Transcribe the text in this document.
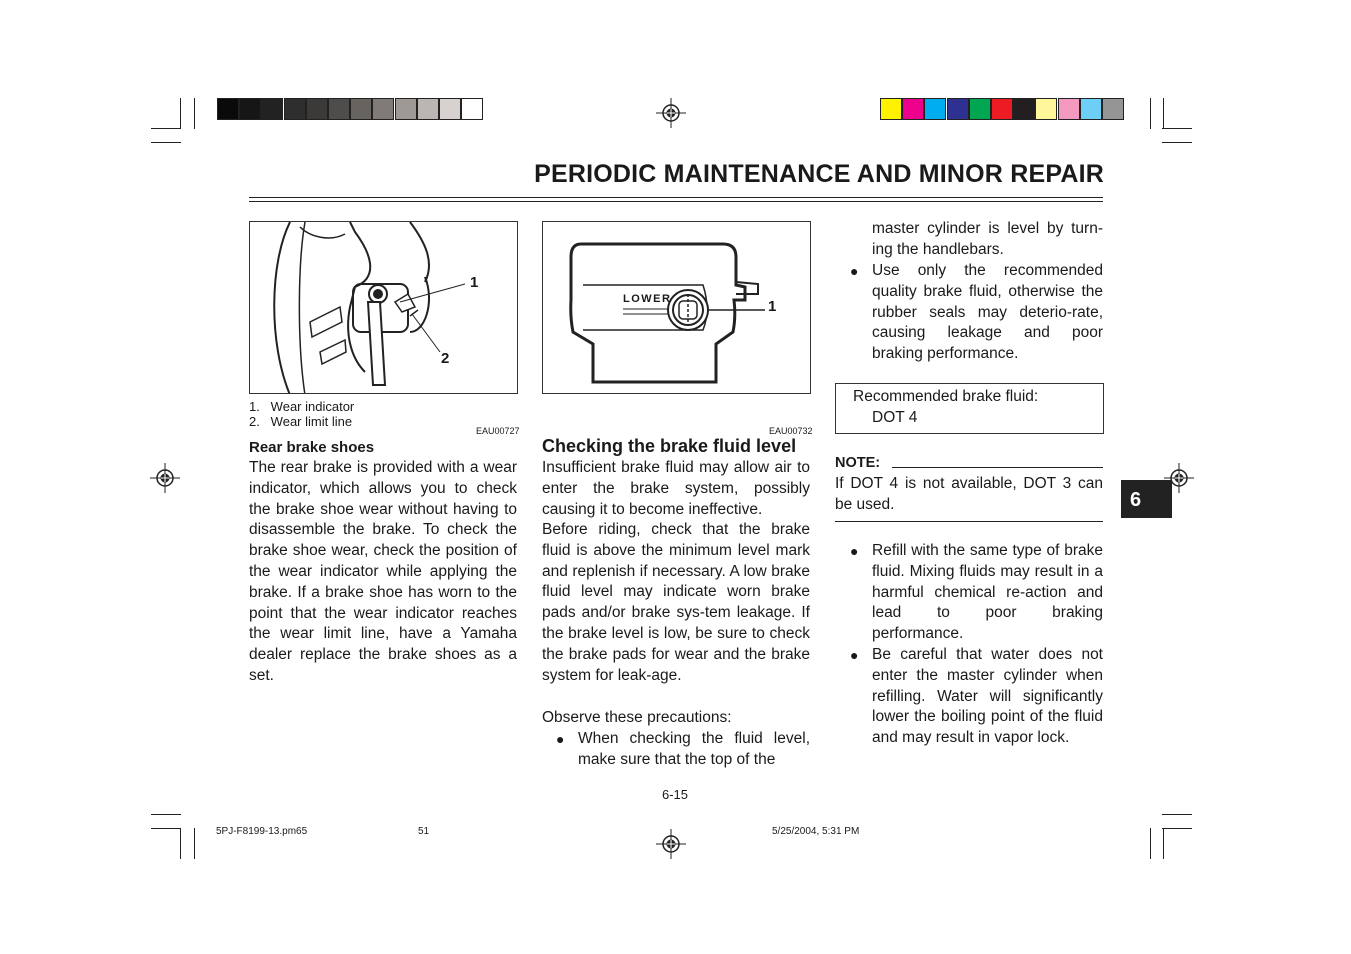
PERIODIC MAINTENANCE AND MINOR REPAIR
1
2
1.   Wear indicator
2.   Wear limit line
EAU00727
Rear brake shoes
The rear brake is provided with a wear indicator, which allows you to check the brake shoe wear without having to disassemble the brake. To check the brake shoe wear, check the position of the wear indicator while applying the brake. If a brake shoe has worn to the point that the wear indicator reaches the wear limit line, have a Yamaha dealer replace the brake shoes as a set.
LOWER	1
EAU00732
Checking the brake fluid level
Insufficient brake fluid may allow air to enter the brake system, possibly causing it to become ineffective.
Before riding, check that the brake fluid is above the minimum level mark and replenish if necessary. A low brake fluid level may indicate worn brake pads and/or brake sys-tem leakage. If the brake level is low, be sure to check the brake pads for wear and the brake system for leak-age.
Observe these precautions:
● When checking the fluid level, make sure that the top of the
master cylinder is level by turn-ing the handlebars.
● Use only the recommended quality brake fluid, otherwise the rubber seals may deterio-rate, causing leakage and poor braking performance.
Recommended brake fluid:
DOT 4
NOTE:
If DOT 4 is not available, DOT 3 can be used.
● Refill with the same type of brake fluid. Mixing fluids may result in a harmful chemical re-action and lead to poor braking performance.
● Be careful that water does not enter the master cylinder when refilling. Water will significantly lower the boiling point of the fluid and may result in vapor lock.
6
6-15
5PJ-F8199-13.pm65	51	5/25/2004, 5:31 PM
